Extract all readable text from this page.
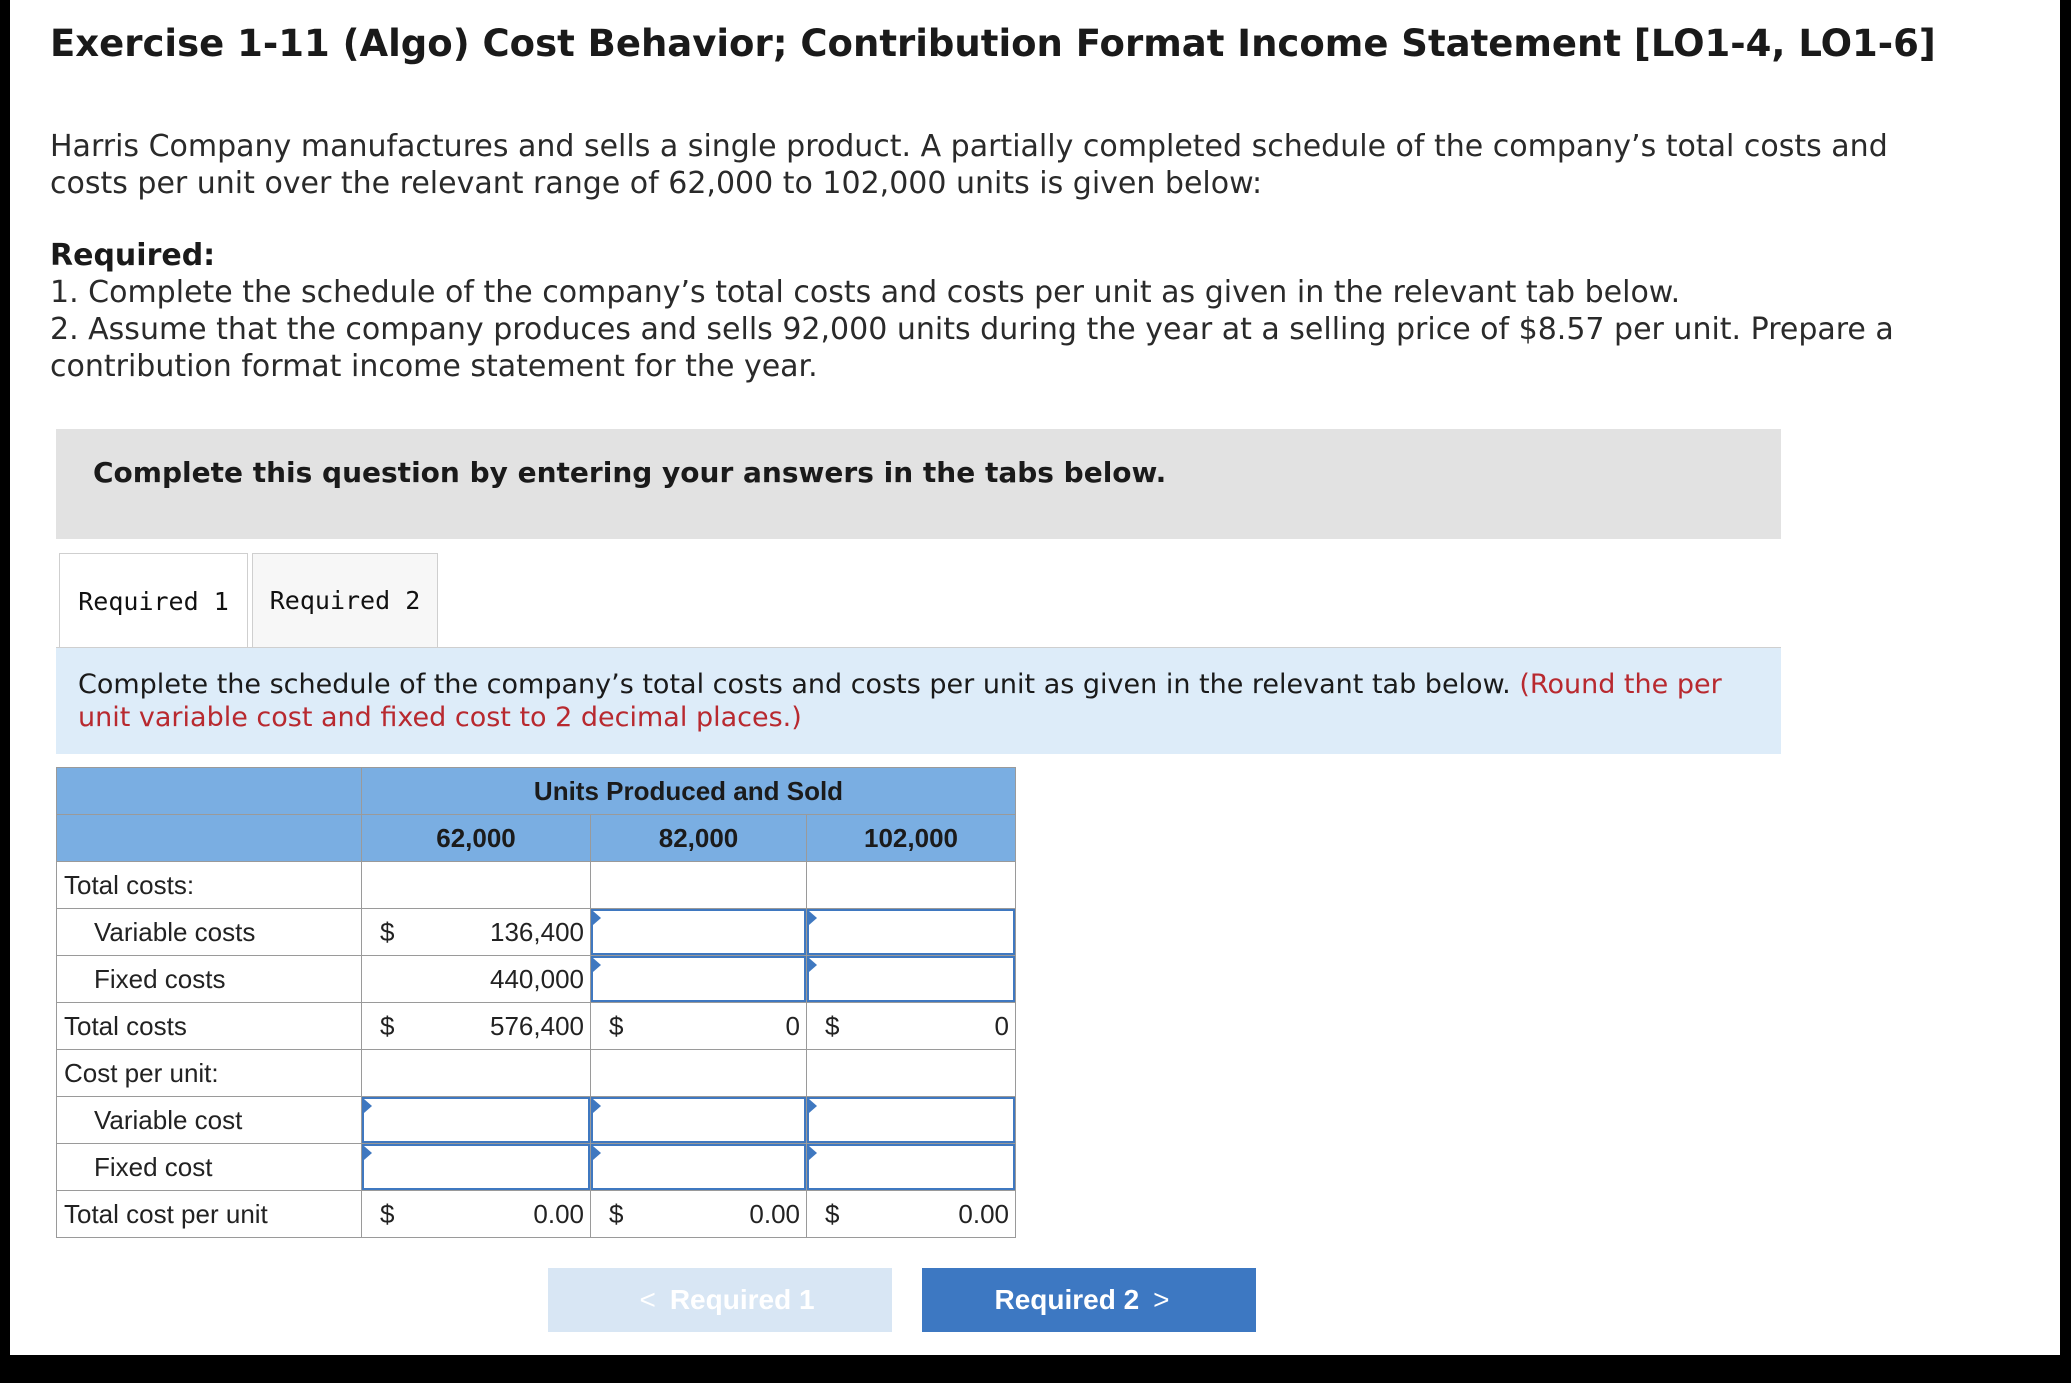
Exercise 1-11 (Algo) Cost Behavior; Contribution Format Income Statement [LO1-4, LO1-6]
Harris Company manufactures and sells a single product. A partially completed schedule of the company’s total costs and costs per unit over the relevant range of 62,000 to 102,000 units is given below:
Required:
1. Complete the schedule of the company’s total costs and costs per unit as given in the relevant tab below.
2. Assume that the company produces and sells 92,000 units during the year at a selling price of $8.57 per unit. Prepare a contribution format income statement for the year.
Complete this question by entering your answers in the tabs below.
Required 1	Required 2
Complete the schedule of the company’s total costs and costs per unit as given in the relevant tab below. (Round the per unit variable cost and fixed cost to 2 decimal places.)
	Units Produced and Sold		
	62,000	82,000	102,000
Total costs:			
Variable costs	$ 136,400		

Fixed costs	440,000		

Total costs	$ 576,400	$ 0	$ 0

Cost per unit:			
Variable cost			
Fixed cost			
Total cost per unit	$ 0.00	$ 0.00	$ 0.00
< Required 1	Required 2 >
